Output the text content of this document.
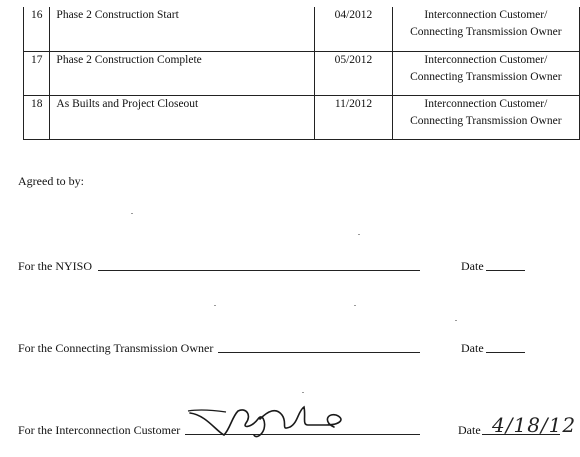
16	Phase 2 Construction Start	04/2012	Interconnection Customer/
Connecting Transmission Owner

17	Phase 2 Construction Complete	05/2012	Interconnection Customer/
Connecting Transmission Owner

18	As Builts and Project Closeout	11/2012	Interconnection Customer/
Connecting Transmission Owner
Agreed to by:
For the NYISO	Date
For the Connecting Transmission Owner	Date
For the Interconnection Customer	Date 4/18/12
